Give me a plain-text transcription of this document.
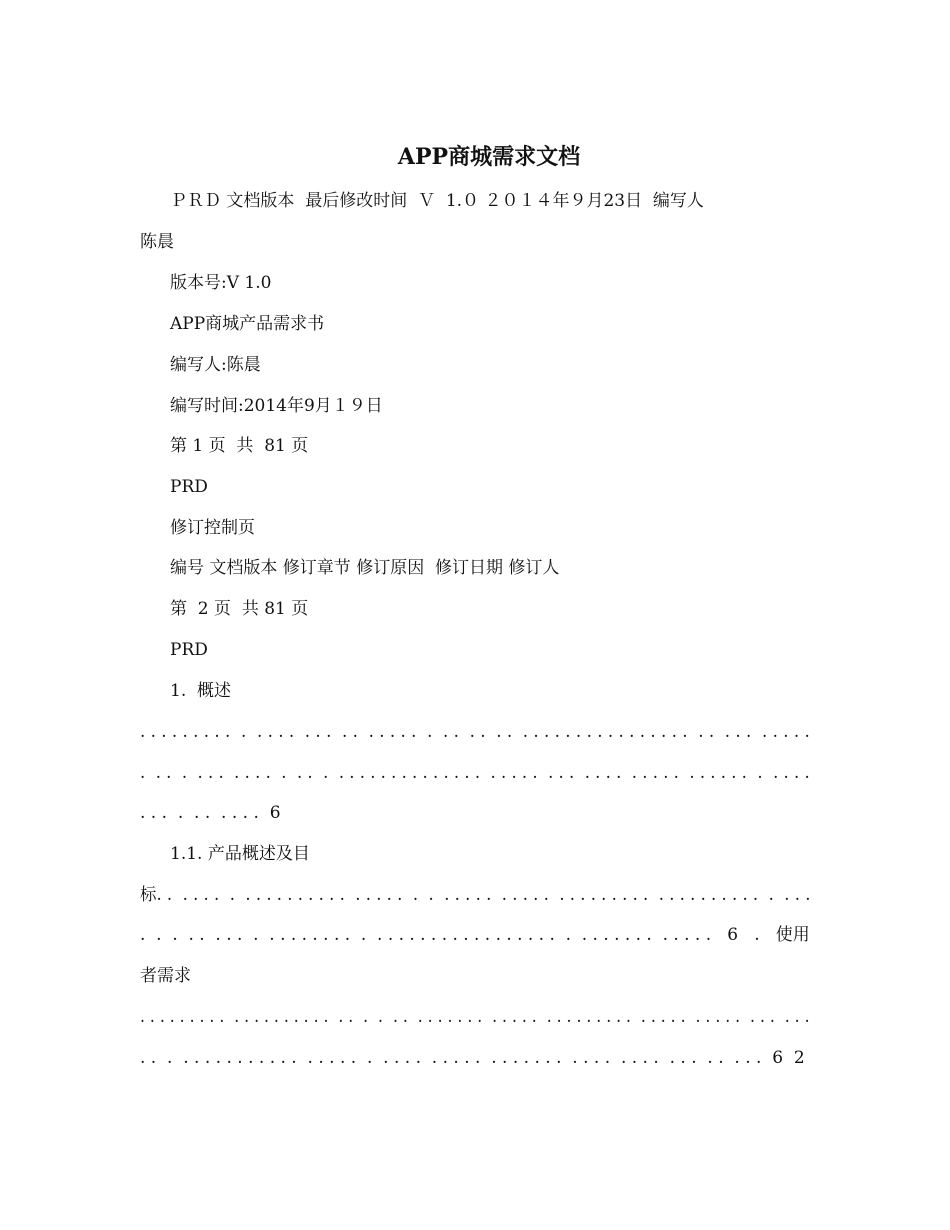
APP商城需求文档
ＰＲＤ 文档版本  最后修改时间  Ｖ  1.０ ２０１４年９月23日  编写人
陈晨
版本号:V 1.0
APP商城产品需求书
编写人:陈晨
编写时间:2014年9月１９日
第 1 页  共  81 页
PRD
修订控制页
编号 文档版本 修订章节 修订原因  修订日期 修订人
第  2 页  共 81 页
PRD
1.  概述
. . . . . . . . .  .  . . . .  . . .  . .  . . . . .  .  . .  . .  . .  . . . . . . . . . . . . . . . .  . .  . . .  . . . . .
.  . .  .  . . .  . . . .  .  . .  .  . . . . . . . . . . . . . .  . . . . .  . . .  . . . .  . . . . .  . . . . . .  .  . . . .
. . .  .  . .  . . . .  6
1.1. 产品概述及目
标. .  . . . .  .  . . . . . . . . . .  . . . . .  .  .  . . . . .  . . . . .  . . . . . . . . .  . . . . . . . . . .  .  . . .
.  .  .  . .  . . .  .  . . . . . . . .  .  . . . . . . . . . . . . . . . . .  .  . . . . . . .  . . . . .   6   .   使用
者需求
. . . . . . . . .  . . . . . . . . . .  . .  .  .  . .  . . . . . . .  . . . . .  . . . . . . . . .  . . . . .  . . . . .  . . .  . . .
. .  .  . . . . . . . . . . .  . . . . .  .  . . . .  . . . . .  . . . . . . .  . . . .  . . . .  . . .  . .  . . .  6  2
